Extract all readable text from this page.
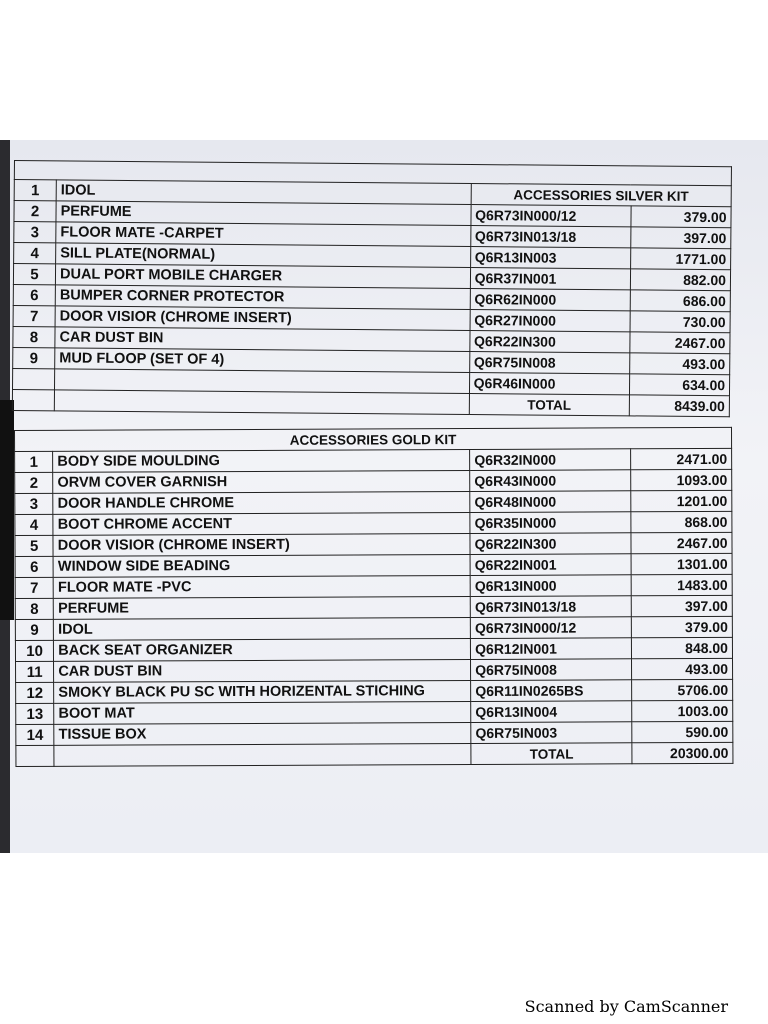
1	IDOL	ACCESSORIES SILVER KIT	
2	PERFUME	Q6R73IN000/12	379.00
3	FLOOR MATE -CARPET	Q6R73IN013/18	397.00
4	SILL PLATE(NORMAL)	Q6R13IN003	1771.00
5	DUAL PORT MOBILE CHARGER	Q6R37IN001	882.00
6	BUMPER CORNER PROTECTOR	Q6R62IN000	686.00
7	DOOR VISIOR (CHROME INSERT)	Q6R27IN000	730.00
8	CAR DUST BIN	Q6R22IN300	2467.00
9	MUD FLOOP (SET OF 4)	Q6R75IN008	493.00
		Q6R46IN000	634.00
		TOTAL	8439.00
ACCESSORIES GOLD KIT			
1	BODY SIDE MOULDING	Q6R32IN000	2471.00
2	ORVM COVER GARNISH	Q6R43IN000	1093.00
3	DOOR HANDLE CHROME	Q6R48IN000	1201.00
4	BOOT CHROME ACCENT	Q6R35IN000	868.00
5	DOOR VISIOR (CHROME INSERT)	Q6R22IN300	2467.00
6	WINDOW SIDE BEADING	Q6R22IN001	1301.00
7	FLOOR MATE -PVC	Q6R13IN000	1483.00
8	PERFUME	Q6R73IN013/18	397.00
9	IDOL	Q6R73IN000/12	379.00
10	BACK SEAT ORGANIZER	Q6R12IN001	848.00
11	CAR DUST BIN	Q6R75IN008	493.00
12	SMOKY BLACK PU SC WITH HORIZENTAL STICHING	Q6R11IN0265BS	5706.00
13	BOOT MAT	Q6R13IN004	1003.00
14	TISSUE BOX	Q6R75IN003	590.00
		TOTAL	20300.00
Scanned by CamScanner
